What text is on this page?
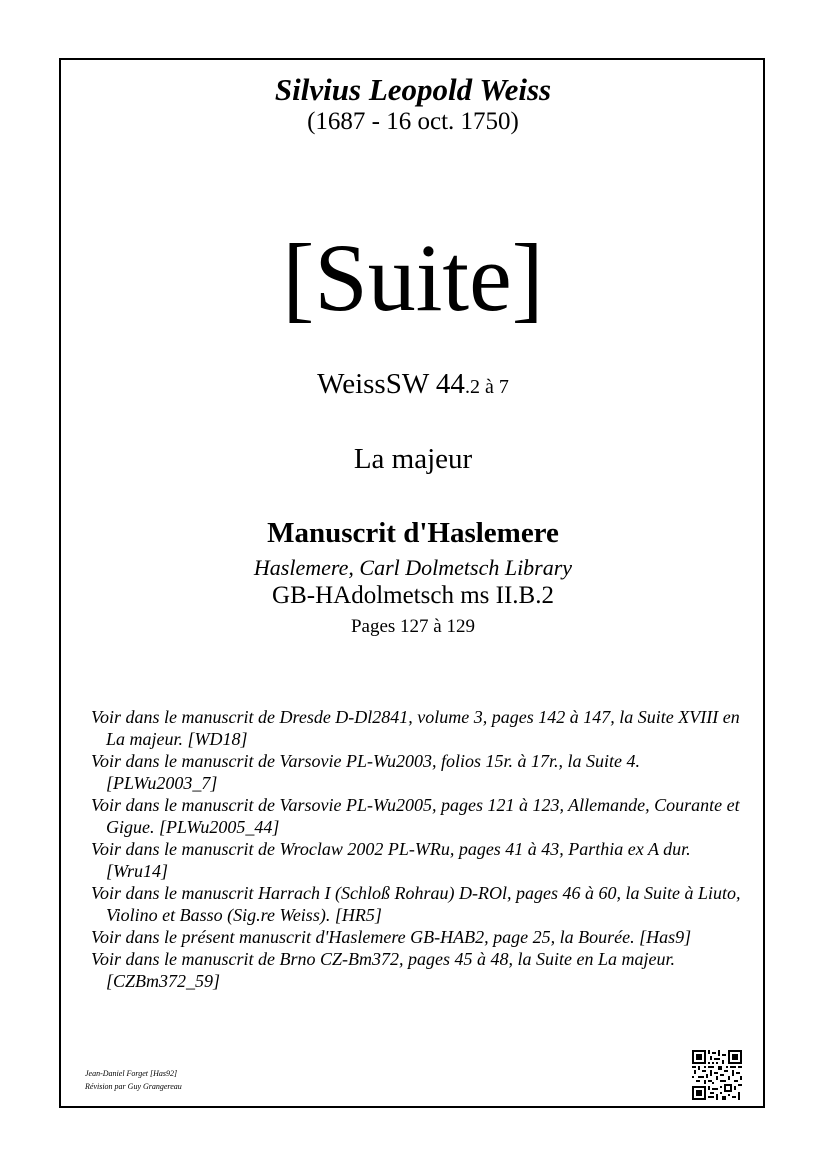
Silvius Leopold Weiss
(1687 - 16 oct. 1750)
[Suite]
WeissSW 44.2 à 7
La majeur
Manuscrit d'Haslemere
Haslemere, Carl Dolmetsch Library
GB-HAdolmetsch ms II.B.2
Pages 127 à 129
Voir dans le manuscrit de Dresde D-Dl2841, volume 3, pages 142 à 147, la Suite XVIII en La majeur. [WD18]
Voir dans le manuscrit de Varsovie PL-Wu2003, folios 15r. à 17r., la Suite 4. [PLWu2003_7]
Voir dans le manuscrit de Varsovie PL-Wu2005, pages 121 à 123, Allemande, Courante et Gigue. [PLWu2005_44]
Voir dans le manuscrit de Wroclaw 2002 PL-WRu, pages 41 à 43, Parthia ex A dur. [Wru14]
Voir dans le manuscrit Harrach I (Schloß Rohrau) D-ROl, pages 46 à 60, la Suite à Liuto, Violino et Basso (Sig.re Weiss). [HR5]
Voir dans le présent manuscrit d'Haslemere GB-HAB2, page 25, la Bourée. [Has9]
Voir dans le manuscrit de Brno CZ-Bm372, pages 45 à 48, la Suite en La majeur. [CZBm372_59]
Jean-Daniel Forget [Has92]
Révision par Guy Grangereau
